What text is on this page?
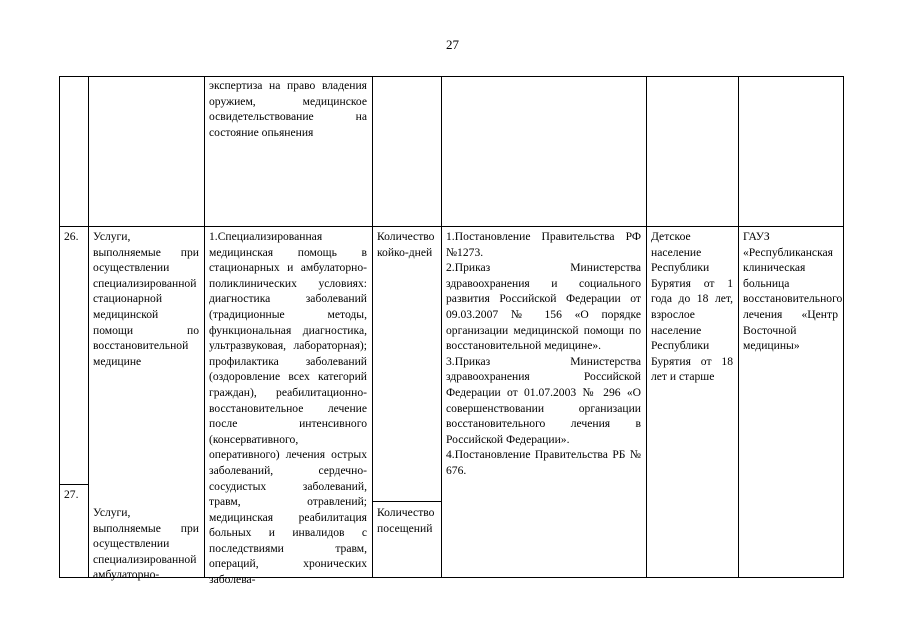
27

экспертиза на право владения оружием, медицинское освидетельствование на состояние опьянения

26. Услуги, выполняемые при осуществлении специализированной стационарной медицинской помощи по восстановительной медицине

1.Специализированная медицинская помощь в стационарных и амбулаторно-поликлинических условиях: диагностика заболеваний (традиционные методы, функциональная диагностика, ультразвуковая, лабораторная); профилактика заболеваний (оздоровление всех категорий граждан), реабилитационно-восстановительное лечение после интенсивного (консервативного, оперативного) лечения острых заболеваний, сердечно-сосудистых заболеваний, травм, отравлений; медицинская реабилитация больных и инвалидов с последствиями травм, операций, хронических заболева-

Количество койко-дней

1.Постановление Правительства РФ №1273.

2.Приказ Министерства здравоохранения и социального развития Российской Федерации от 09.03.2007 № 156 «О порядке организации медицинской помощи по восстановительной медицине».

3.Приказ Министерства здравоохранения Российской Федерации от 01.07.2003 № 296 «О совершенствовании организации восстановительного лечения в Российской Федерации».

4.Постановление Правительства РБ № 676.

Детское население Республики Бурятия от 1 года до 18 лет, взрослое население Республики Бурятия от 18 лет и старше

ГАУЗ «Республиканская клиническая больница восстановительного лечения «Центр Восточной медицины»

27.

Услуги, выполняемые при осуществлении специализированной амбулаторно-

Количество посещений
